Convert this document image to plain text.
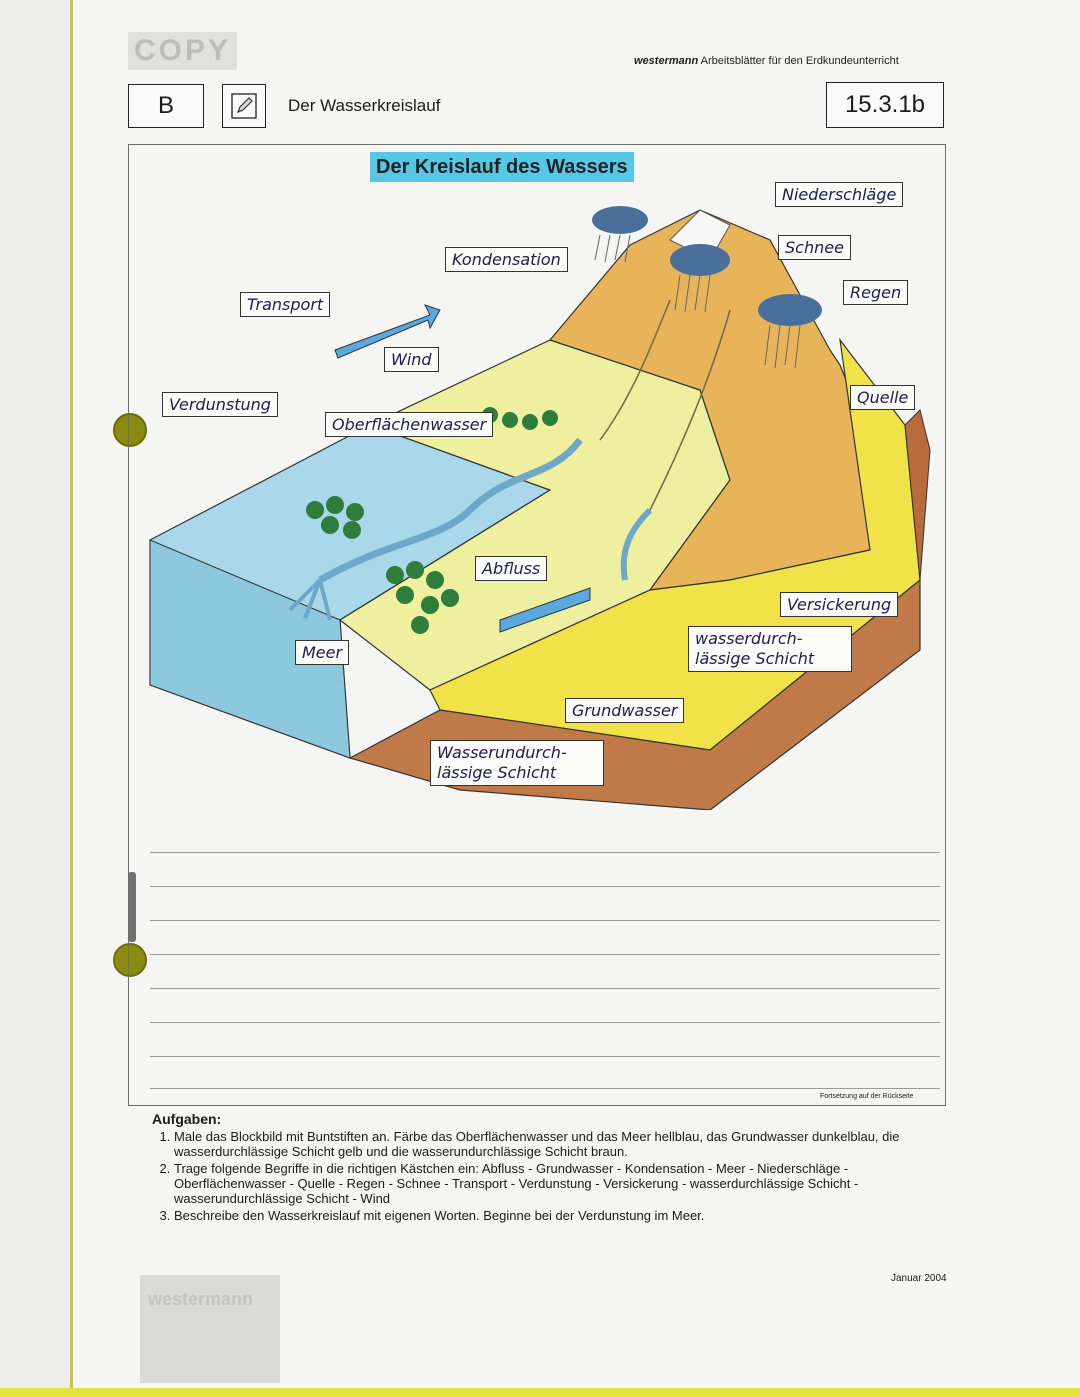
COPY	westermann Arbeitsblätter für den Erdkundeunterricht
B	Der Wasserkreislauf	15.3.1b
Der Kreislauf des Wassers
Niederschläge
Schnee
Regen
Kondensation
Transport
Wind
Verdunstung
Oberflächenwasser
Quelle
Abfluss
Versickerung
wasserdurch- lässige Schicht
Meer
Grundwasser
Wasserundurch- lässige Schicht
Fortsetzung auf der Rückseite
Aufgaben:
1. Male das Blockbild mit Buntstiften an. Färbe das Oberflächenwasser und das Meer hellblau, das Grundwasser dunkelblau, die wasserdurchlässige Schicht gelb und die wasserundurchlässige Schicht braun.
2. Trage folgende Begriffe in die richtigen Kästchen ein: Abfluss - Grundwasser - Kondensation - Meer - Niederschläge - Oberflächenwasser - Quelle - Regen - Schnee - Transport - Verdunstung - Versickerung - wasserdurchlässige Schicht - wasserundurchlässige Schicht - Wind
3. Beschreibe den Wasserkreislauf mit eigenen Worten. Beginne bei der Verdunstung im Meer.
Januar 2004
westermann
